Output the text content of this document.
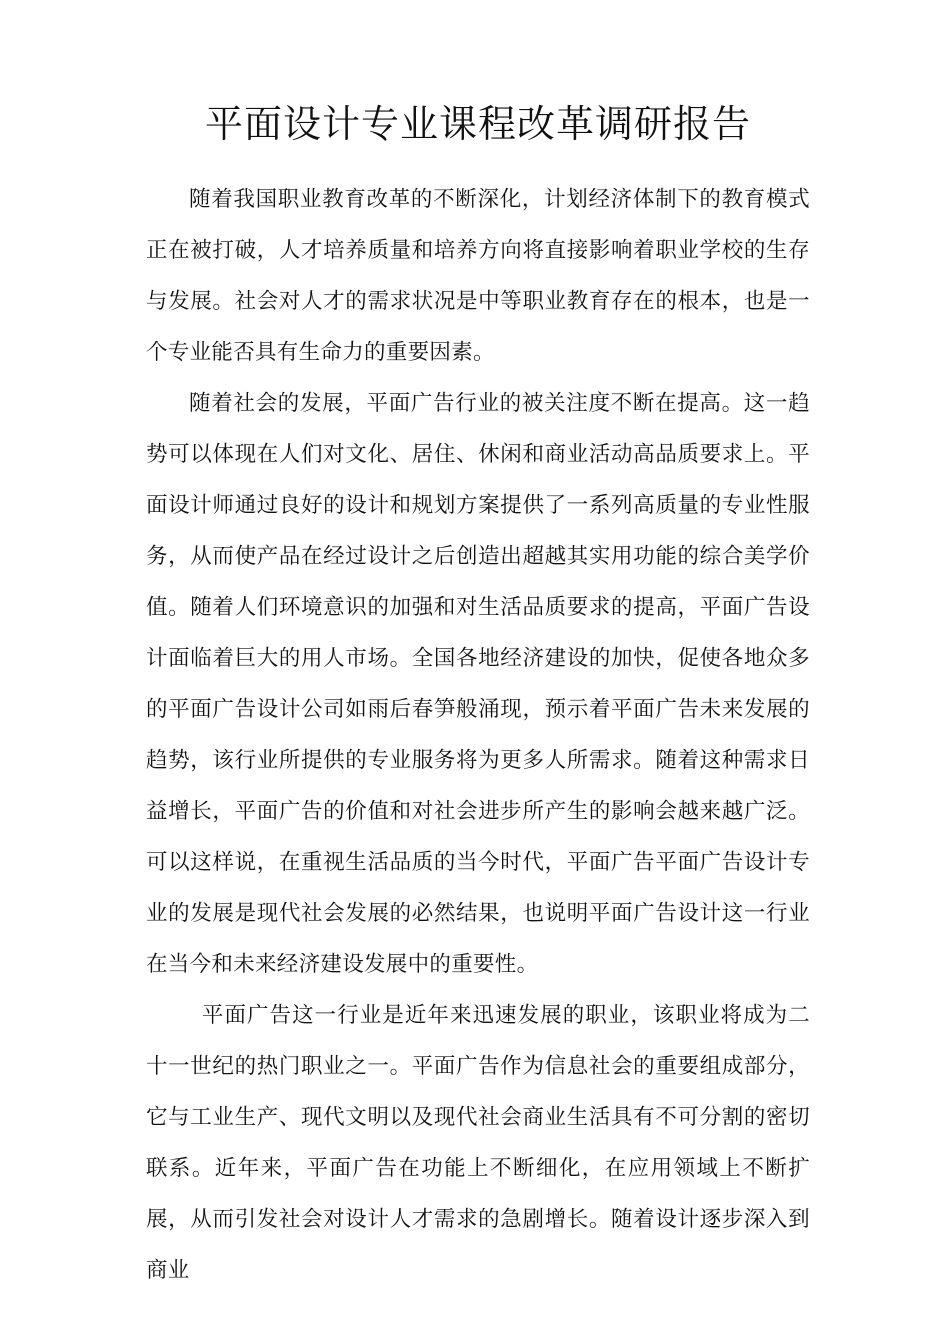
平面设计专业课程改革调研报告

随着我国职业教育改革的不断深化，计划经济体制下的教育模式正在被打破，人才培养质量和培养方向将直接影响着职业学校的生存与发展。社会对人才的需求状况是中等职业教育存在的根本，也是一个专业能否具有生命力的重要因素。

随着社会的发展，平面广告行业的被关注度不断在提高。这一趋势可以体现在人们对文化、居住、休闲和商业活动高品质要求上。平面设计师通过良好的设计和规划方案提供了一系列高质量的专业性服务，从而使产品在经过设计之后创造出超越其实用功能的综合美学价值。随着人们环境意识的加强和对生活品质要求的提高，平面广告设计面临着巨大的用人市场。全国各地经济建设的加快，促使各地众多的平面广告设计公司如雨后春笋般涌现，预示着平面广告未来发展的趋势，该行业所提供的专业服务将为更多人所需求。随着这种需求日益增长，平面广告的价值和对社会进步所产生的影响会越来越广泛。可以这样说，在重视生活品质的当今时代，平面广告平面广告设计专业的发展是现代社会发展的必然结果，也说明平面广告设计这一行业在当今和未来经济建设发展中的重要性。

平面广告这一行业是近年来迅速发展的职业，该职业将成为二十一世纪的热门职业之一。平面广告作为信息社会的重要组成部分，它与工业生产、现代文明以及现代社会商业生活具有不可分割的密切联系。近年来，平面广告在功能上不断细化，在应用领域上不断扩展，从而引发社会对设计人才需求的急剧增长。随着设计逐步深入到商业
